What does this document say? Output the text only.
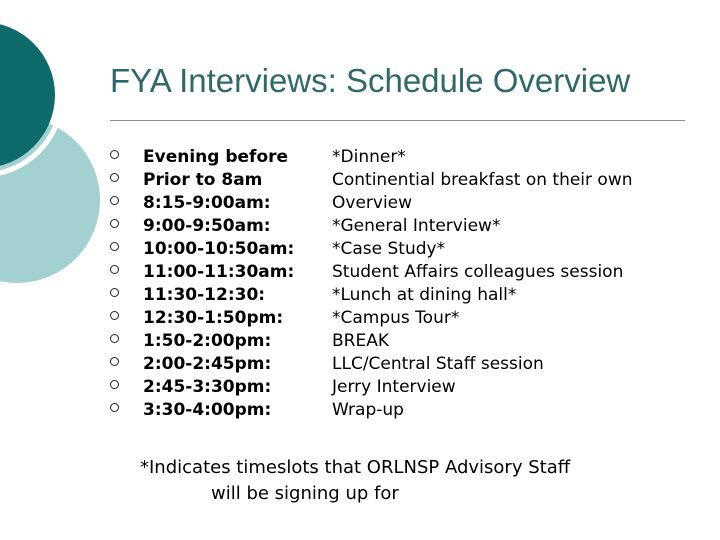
FYA Interviews: Schedule Overview
Evening before	*Dinner*
Prior to 8am	Continential breakfast on their own
8:15-9:00am:	Overview
9:00-9:50am:	*General Interview*
10:00-10:50am: *Case Study*
11:00-11:30am: Student Affairs colleagues session
11:30-12:30:	*Lunch at dining hall*
12:30-1:50pm:	*Campus Tour*
1:50-2:00pm:	BREAK
2:00-2:45pm:	LLC/Central Staff session
2:45-3:30pm:	Jerry Interview
3:30-4:00pm:	Wrap-up
*Indicates timeslots that ORLNSP Advisory Staff
will be signing up for
